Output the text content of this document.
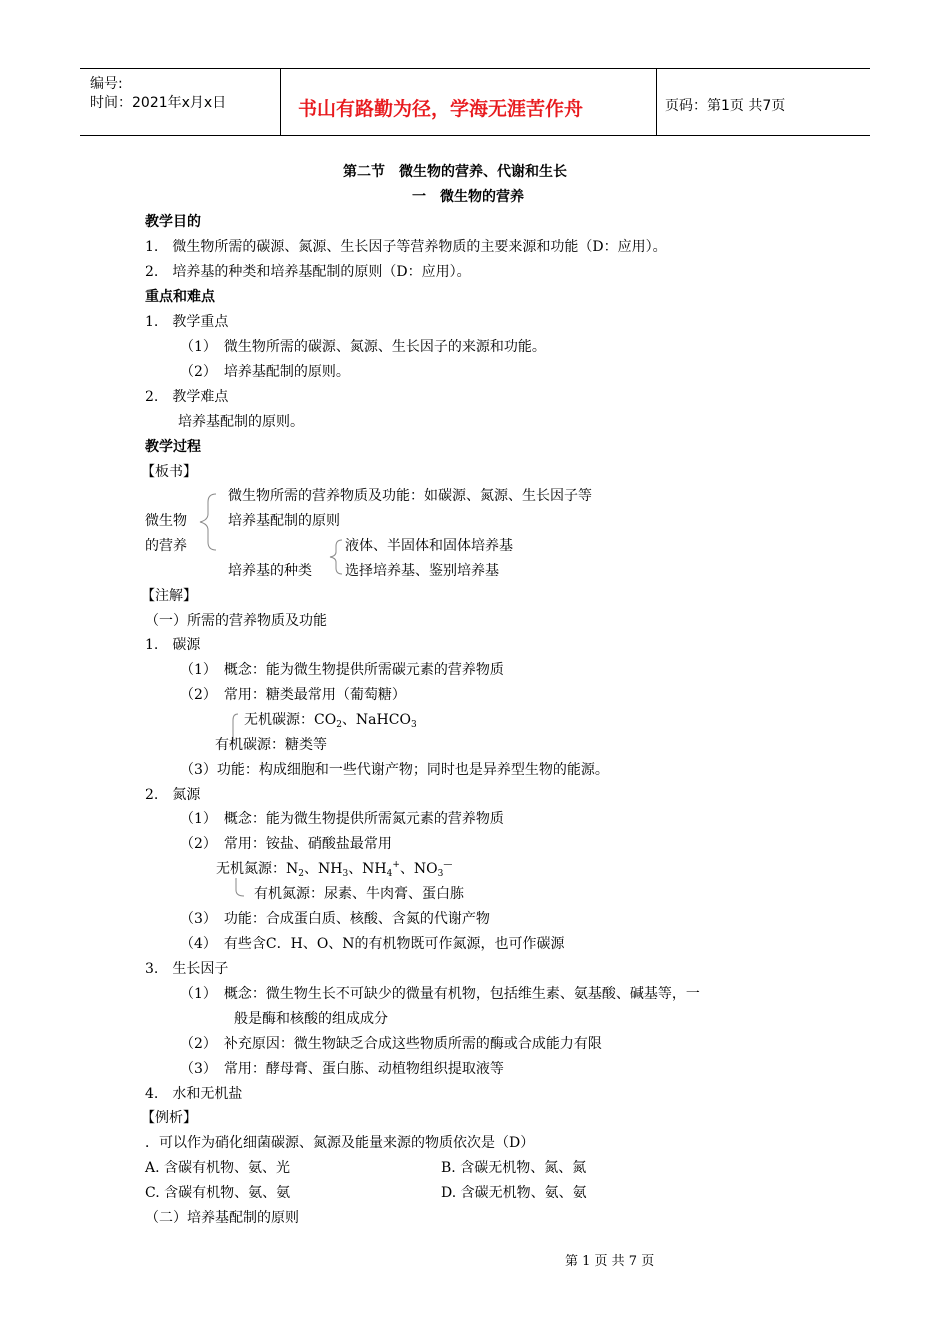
编号:
时间：2021年x月x日	书山有路勤为径，学海无涯苦作舟	页码：第1页 共7页
第二节　微生物的营养、代谢和生长
一　微生物的营养
教学目的
1.　微生物所需的碳源、氮源、生长因子等营养物质的主要来源和功能（D：应用）。
2.　培养基的种类和培养基配制的原则（D：应用）。
重点和难点
1.　教学重点
（1）　微生物所需的碳源、氮源、生长因子的来源和功能。
（2）　培养基配制的原则。
2.　教学难点
培养基配制的原则。
教学过程
【板书】
微生物
的营养
微生物所需的营养物质及功能：如碳源、氮源、生长因子等
培养基配制的原则
培养基的种类
液体、半固体和固体培养基
选择培养基、鉴别培养基
【注解】
（一）所需的营养物质及功能
1.　碳源
（1）　概念：能为微生物提供所需碳元素的营养物质
（2）　常用：糖类最常用（葡萄糖）
无机碳源：$CO_2$、NaHCO$_3$
有机碳源：糖类等
（3）功能：构成细胞和一些代谢产物；同时也是异养型生物的能源。
2.　氮源
（1）　概念：能为微生物提供所需氮元素的营养物质
（2）　常用：铵盐、硝酸盐最常用
无机氮源：$N_2$、$NH_3$、$NH_4^+$、$NO_3^—$
有机氮源：尿素、牛肉膏、蛋白胨
（3）　功能：合成蛋白质、核酸、含氮的代谢产物
（4）　有些含C．H、O、N的有机物既可作氮源，也可作碳源
3.　生长因子
（1）　概念：微生物生长不可缺少的微量有机物，包括维生素、氨基酸、碱基等，一
般是酶和核酸的组成成分
（2）　补充原因：微生物缺乏合成这些物质所需的酶或合成能力有限
（3）　常用：酵母膏、蛋白胨、动植物组织提取液等
4.　水和无机盐
【例析】
．可以作为硝化细菌碳源、氮源及能量来源的物质依次是（D）
A. 含碳有机物、氨、光	B. 含碳无机物、氮、氮
C. 含碳有机物、氨、氨	D. 含碳无机物、氨、氨
（二）培养基配制的原则
第 1 页 共 7 页
